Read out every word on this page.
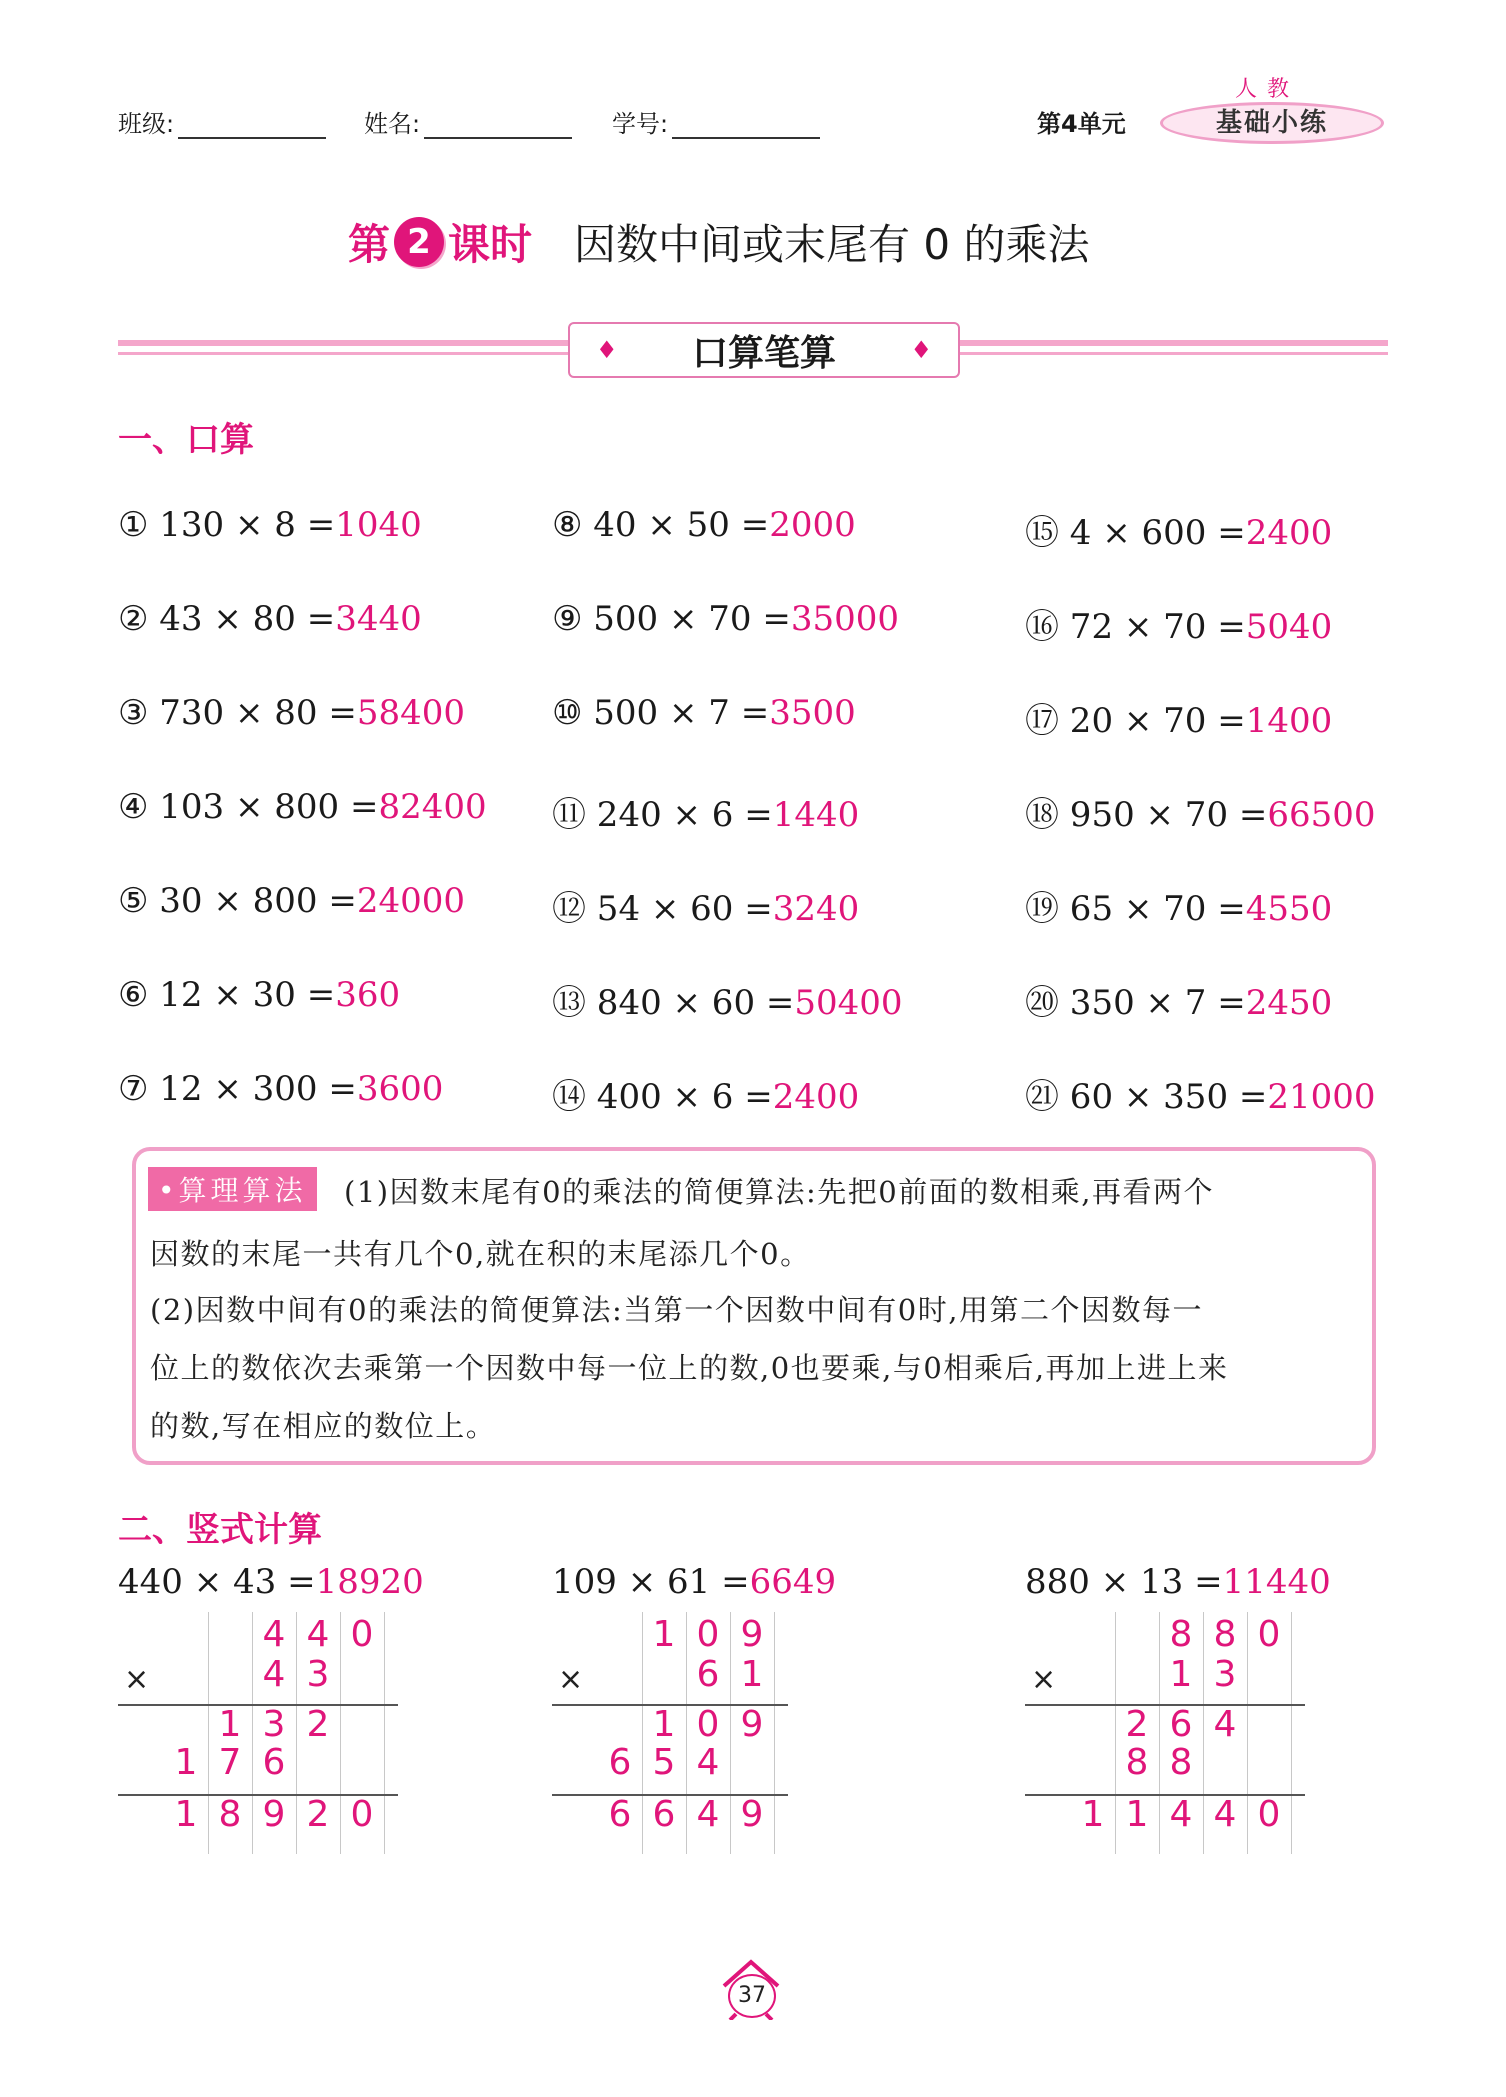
班级:	姓名:	学号:	第4单元
人教
基础小练
第 2 课时 因数中间或末尾有 0 的乘法
♦ 口算笔算	♦
一、口算
① 130 × 8 =1040
② 43 × 80 =3440
③ 730 × 80 =58400
④ 103 × 800 =82400
⑤ 30 × 800 =24000
⑥ 12 × 30 =360
⑦ 12 × 300 =3600
⑧ 40 × 50 =2000
⑨ 500 × 70 =35000
⑩ 500 × 7 =3500
⑪ 240 × 6 =1440
⑫ 54 × 60 =3240
⑬ 840 × 60 =50400
⑭ 400 × 6 =2400
⑮ 4 × 600 =2400
⑯ 72 × 70 =5040
⑰ 20 × 70 =1400
⑱ 950 × 70 =66500
⑲ 65 × 70 =4550
⑳ 350 × 7 =2450
㉑ 60 × 350 =21000
•算理算法	(1)因数末尾有0的乘法的简便算法:先把0前面的数相乘,再看两个
因数的末尾一共有几个0,就在积的末尾添几个0。
(2)因数中间有0的乘法的简便算法:当第一个因数中间有0时,用第二个因数每一
位上的数依次去乘第一个因数中每一位上的数,0也要乘,与0相乘后,再加上进上来
的数,写在相应的数位上。
二、竖式计算
440 × 43 =18920
×
4 4 0
4 3
1 3 2
1 7 6
1 8 9 2 0
109 × 61 =6649
×
1 0 9
6 1
1 0 9
6 5 4
6 6 4 9
880 × 13 =11440
×
8 8 0
1 3
2 6 4
8 8
1 1 4 4 0
37
